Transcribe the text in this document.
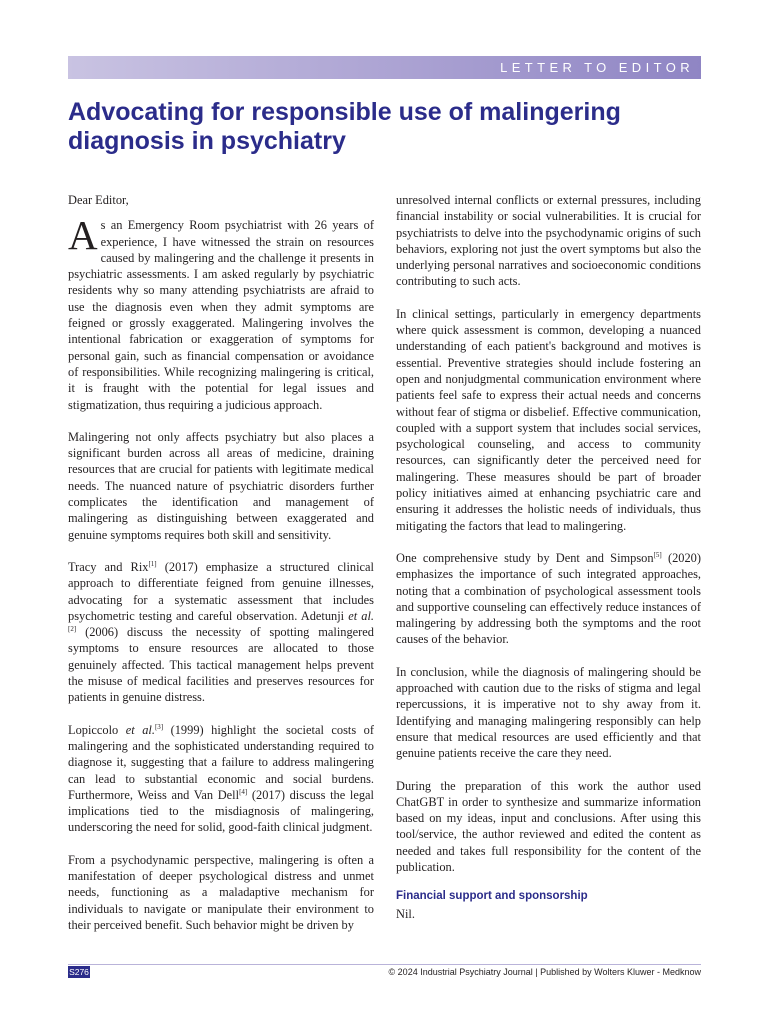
LETTER TO EDITOR
Advocating for responsible use of malingering diagnosis in psychiatry

Dear Editor,

As an Emergency Room psychiatrist with 26 years of experience, I have witnessed the strain on resources caused by malingering and the challenge it presents in psychiatric assessments. I am asked regularly by psychiatric residents why so many attending psychiatrists are afraid to use the diagnosis even when they admit symptoms are feigned or grossly exaggerated. Malingering involves the intentional fabrication or exaggeration of symptoms for personal gain, such as financial compensation or avoidance of responsibilities. While recognizing malingering is critical, it is fraught with the potential for legal issues and stigmatization, thus requiring a judicious approach.

Malingering not only affects psychiatry but also places a significant burden across all areas of medicine, draining resources that are crucial for patients with legitimate medical needs. The nuanced nature of psychiatric disorders further complicates the identification and management of malingering as distinguishing between exaggerated and genuine symptoms requires both skill and sensitivity.

Tracy and Rix[1] (2017) emphasize a structured clinical approach to differentiate feigned from genuine illnesses, advocating for a systematic assessment that includes psychometric testing and careful observation. Adetunji et al.[2] (2006) discuss the necessity of spotting malingered symptoms to ensure resources are allocated to those genuinely affected. This tactical management helps prevent the misuse of medical facilities and preserves resources for patients in genuine distress.

Lopiccolo et al.[3] (1999) highlight the societal costs of malingering and the sophisticated understanding required to diagnose it, suggesting that a failure to address malingering can lead to substantial economic and social burdens. Furthermore, Weiss and Van Dell[4] (2017) discuss the legal implications tied to the misdiagnosis of malingering, underscoring the need for solid, good-faith clinical judgment.

From a psychodynamic perspective, malingering is often a manifestation of deeper psychological distress and unmet needs, functioning as a maladaptive mechanism for individuals to navigate or manipulate their environment to their perceived benefit. Such behavior might be driven by

unresolved internal conflicts or external pressures, including financial instability or social vulnerabilities. It is crucial for psychiatrists to delve into the psychodynamic origins of such behaviors, exploring not just the overt symptoms but also the underlying personal narratives and socioeconomic conditions contributing to such acts.

In clinical settings, particularly in emergency departments where quick assessment is common, developing a nuanced understanding of each patient's background and motives is essential. Preventive strategies should include fostering an open and nonjudgmental communication environment where patients feel safe to express their actual needs and concerns without fear of stigma or disbelief. Effective communication, coupled with a support system that includes social services, psychological counseling, and access to community resources, can significantly deter the perceived need for malingering. These measures should be part of broader policy initiatives aimed at enhancing psychiatric care and ensuring it addresses the holistic needs of individuals, thus mitigating the factors that lead to malingering.

One comprehensive study by Dent and Simpson[5] (2020) emphasizes the importance of such integrated approaches, noting that a combination of psychological assessment tools and supportive counseling can effectively reduce instances of malingering by addressing both the symptoms and the root causes of the behavior.

In conclusion, while the diagnosis of malingering should be approached with caution due to the risks of stigma and legal repercussions, it is imperative not to shy away from it. Identifying and managing malingering responsibly can help ensure that medical resources are used efficiently and that genuine patients receive the care they need.

During the preparation of this work the author used ChatGBT in order to synthesize and summarize information based on my ideas, input and conclusions. After using this tool/service, the author reviewed and edited the content as needed and takes full responsibility for the content of the publication.

Financial support and sponsorship

Nil.

S276	© 2024 Industrial Psychiatry Journal | Published by Wolters Kluwer - Medknow
